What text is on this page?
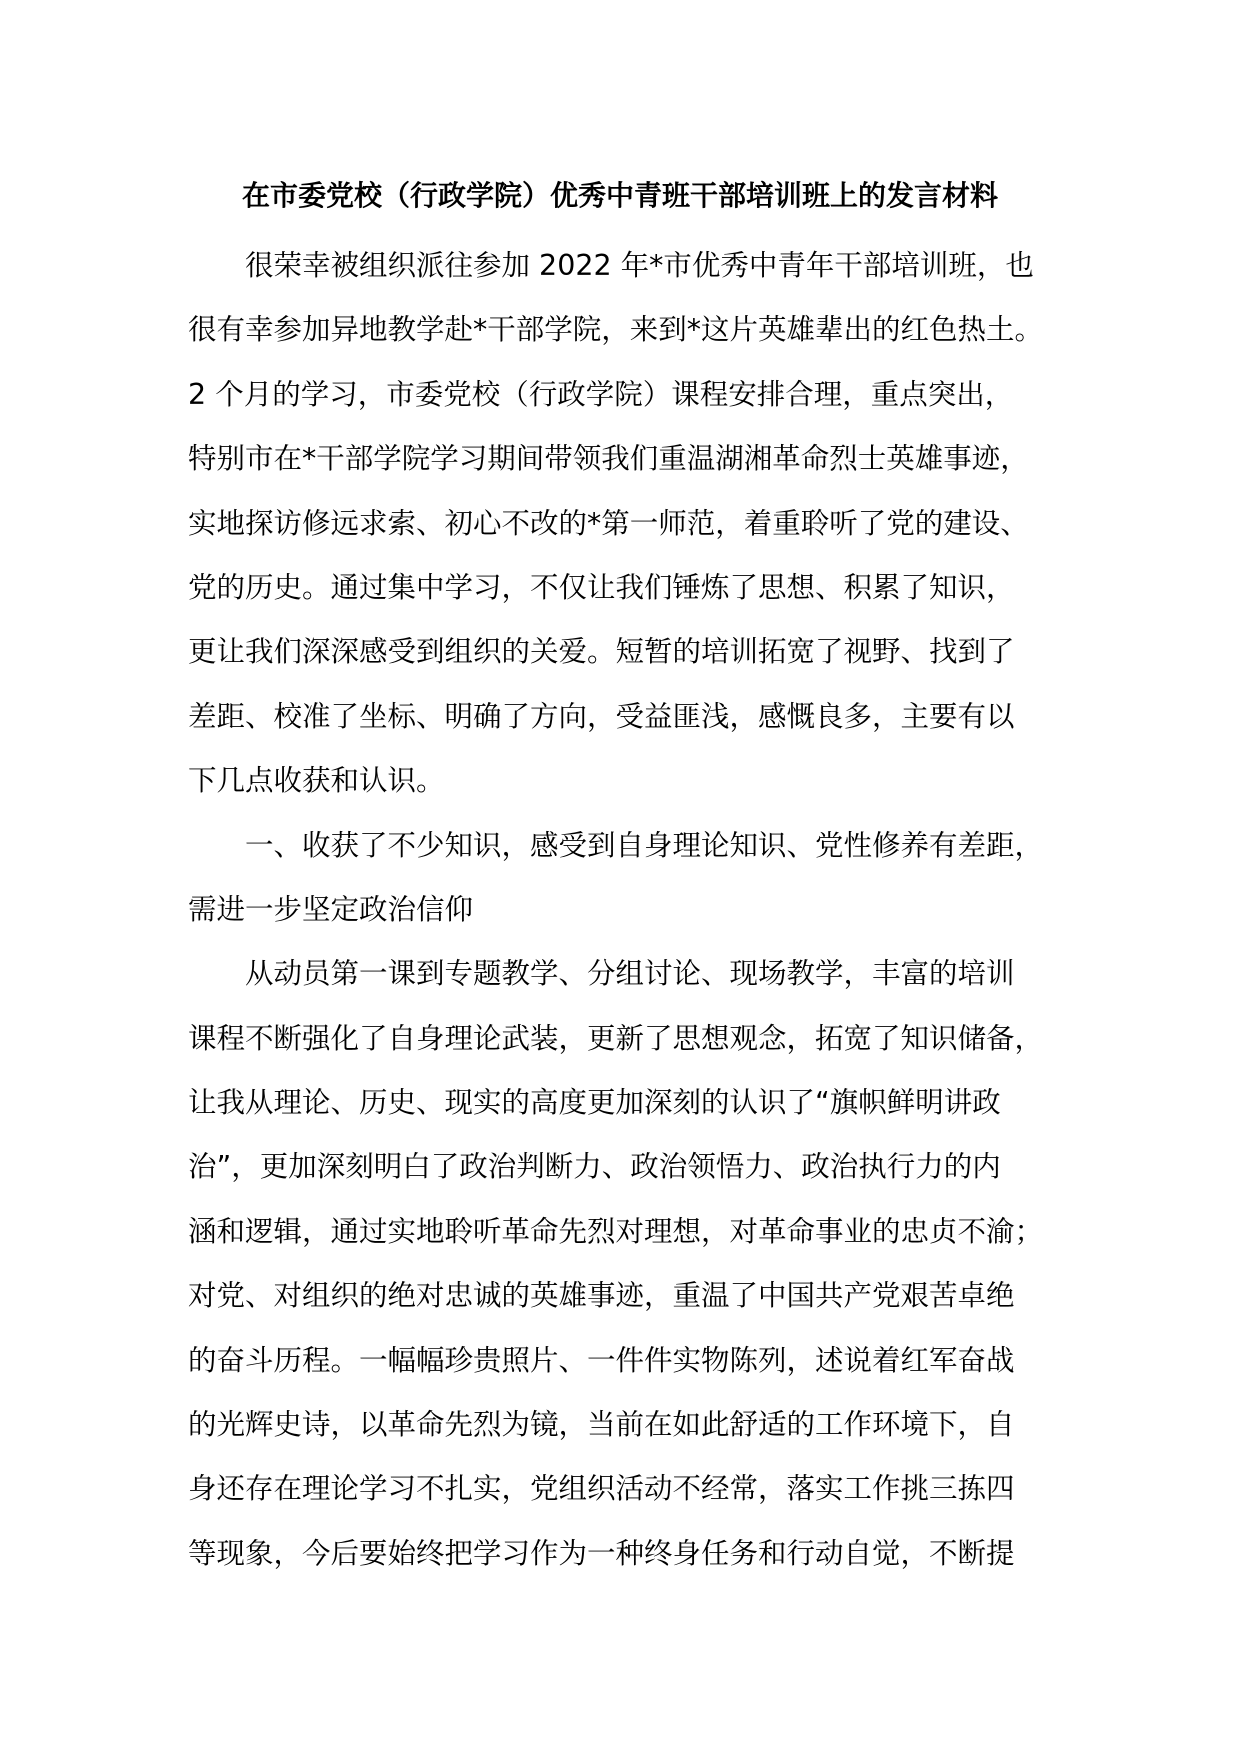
在市委党校（行政学院）优秀中青班干部培训班上的发言材料
很荣幸被组织派往参加 2022 年*市优秀中青年干部培训班，也
很有幸参加异地教学赴*干部学院，来到*这片英雄辈出的红色热土。
2 个月的学习，市委党校（行政学院）课程安排合理，重点突出，
特别市在*干部学院学习期间带领我们重温湖湘革命烈士英雄事迹，
实地探访修远求索、初心不改的*第一师范，着重聆听了党的建设、
党的历史。通过集中学习，不仅让我们锤炼了思想、积累了知识，
更让我们深深感受到组织的关爱。短暂的培训拓宽了视野、找到了
差距、校准了坐标、明确了方向，受益匪浅，感慨良多，主要有以
下几点收获和认识。
一、收获了不少知识，感受到自身理论知识、党性修养有差距，
需进一步坚定政治信仰
从动员第一课到专题教学、分组讨论、现场教学，丰富的培训
课程不断强化了自身理论武装，更新了思想观念，拓宽了知识储备，
让我从理论、历史、现实的高度更加深刻的认识了“旗帜鲜明讲政
治”，更加深刻明白了政治判断力、政治领悟力、政治执行力的内
涵和逻辑，通过实地聆听革命先烈对理想，对革命事业的忠贞不渝；
对党、对组织的绝对忠诚的英雄事迹，重温了中国共产党艰苦卓绝
的奋斗历程。一幅幅珍贵照片、一件件实物陈列，述说着红军奋战
的光辉史诗，以革命先烈为镜，当前在如此舒适的工作环境下，自
身还存在理论学习不扎实，党组织活动不经常，落实工作挑三拣四
等现象，今后要始终把学习作为一种终身任务和行动自觉，不断提
